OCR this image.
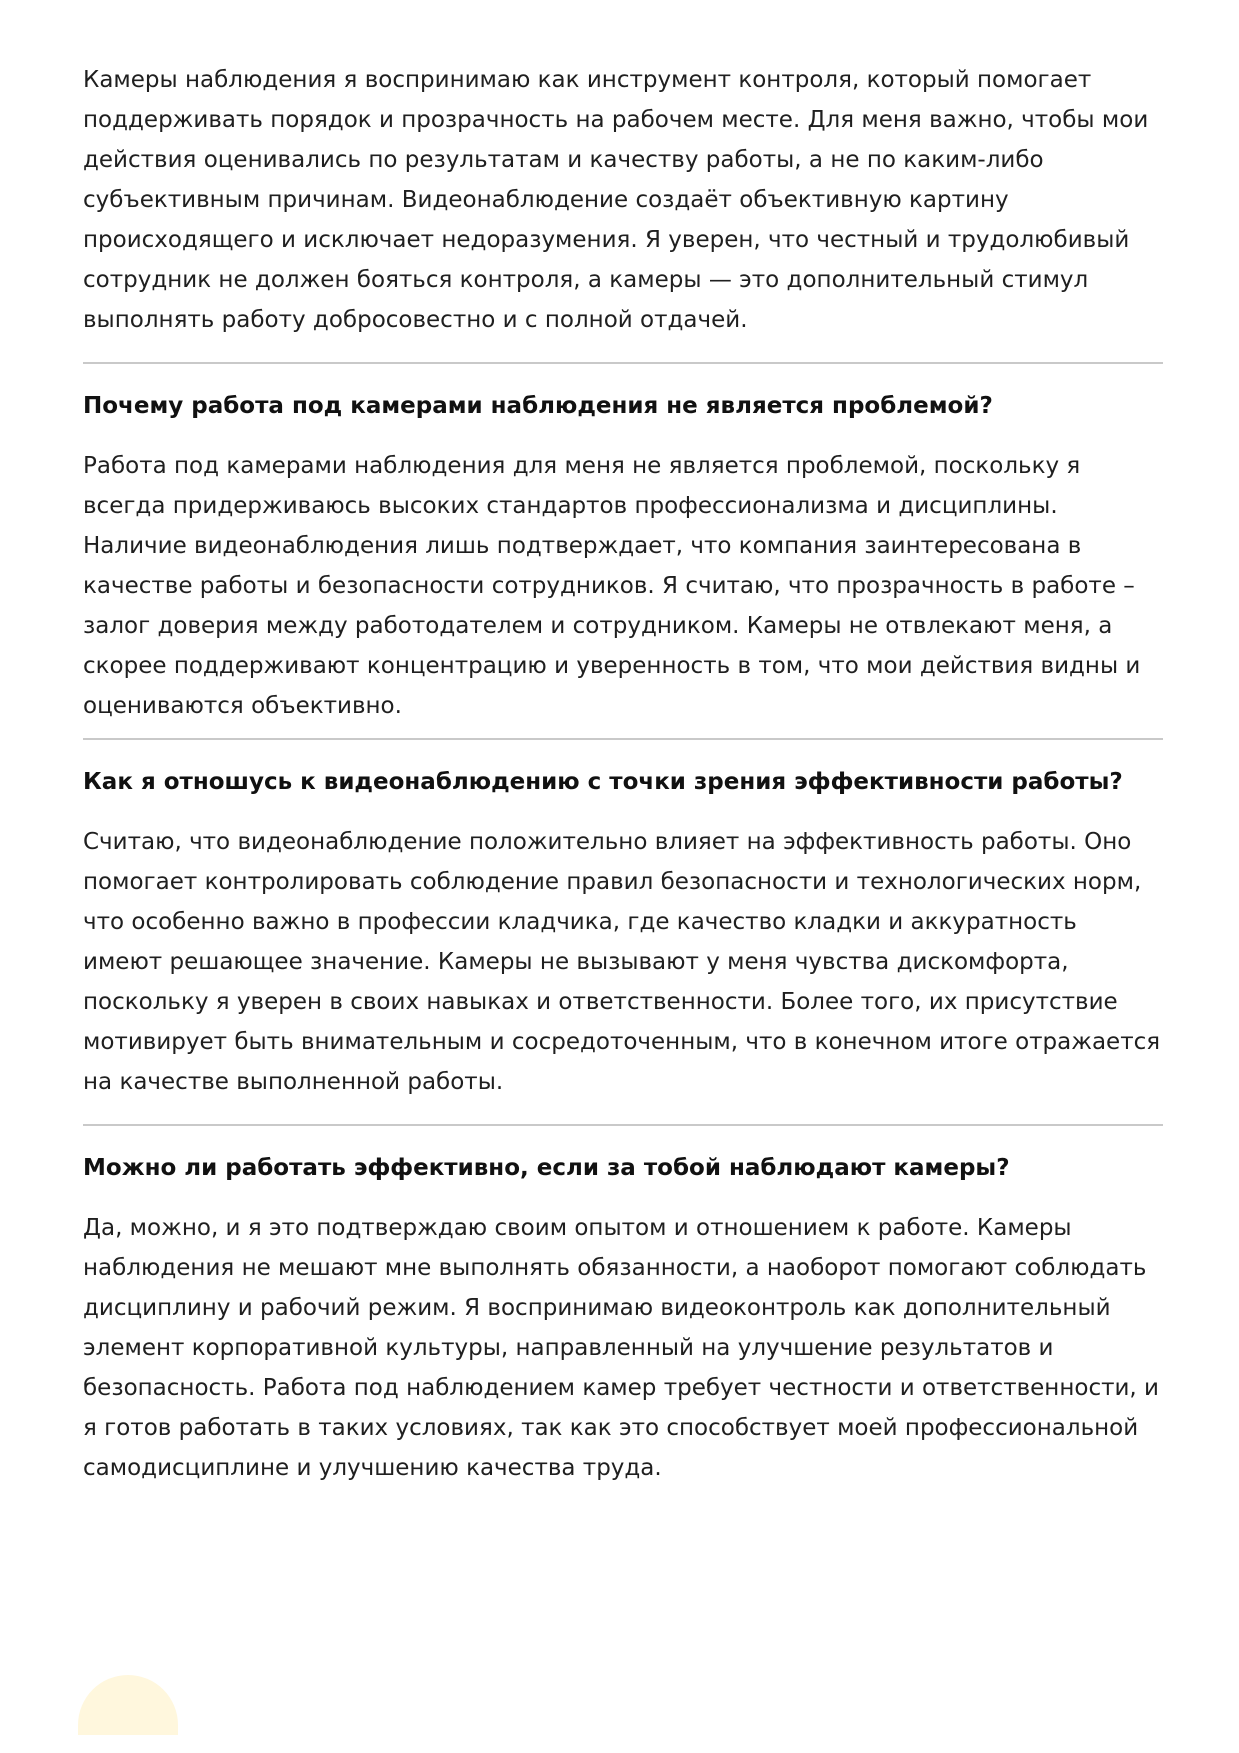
Камеры наблюдения я воспринимаю как инструмент контроля, который помогает поддерживать порядок и прозрачность на рабочем месте. Для меня важно, чтобы мои действия оценивались по результатам и качеству работы, а не по каким-либо субъективным причинам. Видеонаблюдение создаёт объективную картину происходящего и исключает недоразумения. Я уверен, что честный и трудолюбивый сотрудник не должен бояться контроля, а камеры — это дополнительный стимул выполнять работу добросовестно и с полной отдачей.

Почему работа под камерами наблюдения не является проблемой?

Работа под камерами наблюдения для меня не является проблемой, поскольку я всегда придерживаюсь высоких стандартов профессионализма и дисциплины. Наличие видеонаблюдения лишь подтверждает, что компания заинтересована в качестве работы и безопасности сотрудников. Я считаю, что прозрачность в работе – залог доверия между работодателем и сотрудником. Камеры не отвлекают меня, а скорее поддерживают концентрацию и уверенность в том, что мои действия видны и оцениваются объективно.

Как я отношусь к видеонаблюдению с точки зрения эффективности работы?

Считаю, что видеонаблюдение положительно влияет на эффективность работы. Оно помогает контролировать соблюдение правил безопасности и технологических норм, что особенно важно в профессии кладчика, где качество кладки и аккуратность имеют решающее значение. Камеры не вызывают у меня чувства дискомфорта, поскольку я уверен в своих навыках и ответственности. Более того, их присутствие мотивирует быть внимательным и сосредоточенным, что в конечном итоге отражается на качестве выполненной работы.

Можно ли работать эффективно, если за тобой наблюдают камеры?

Да, можно, и я это подтверждаю своим опытом и отношением к работе. Камеры наблюдения не мешают мне выполнять обязанности, а наоборот помогают соблюдать дисциплину и рабочий режим. Я воспринимаю видеоконтроль как дополнительный элемент корпоративной культуры, направленный на улучшение результатов и безопасность. Работа под наблюдением камер требует честности и ответственности, и я готов работать в таких условиях, так как это способствует моей профессиональной самодисциплине и улучшению качества труда.
